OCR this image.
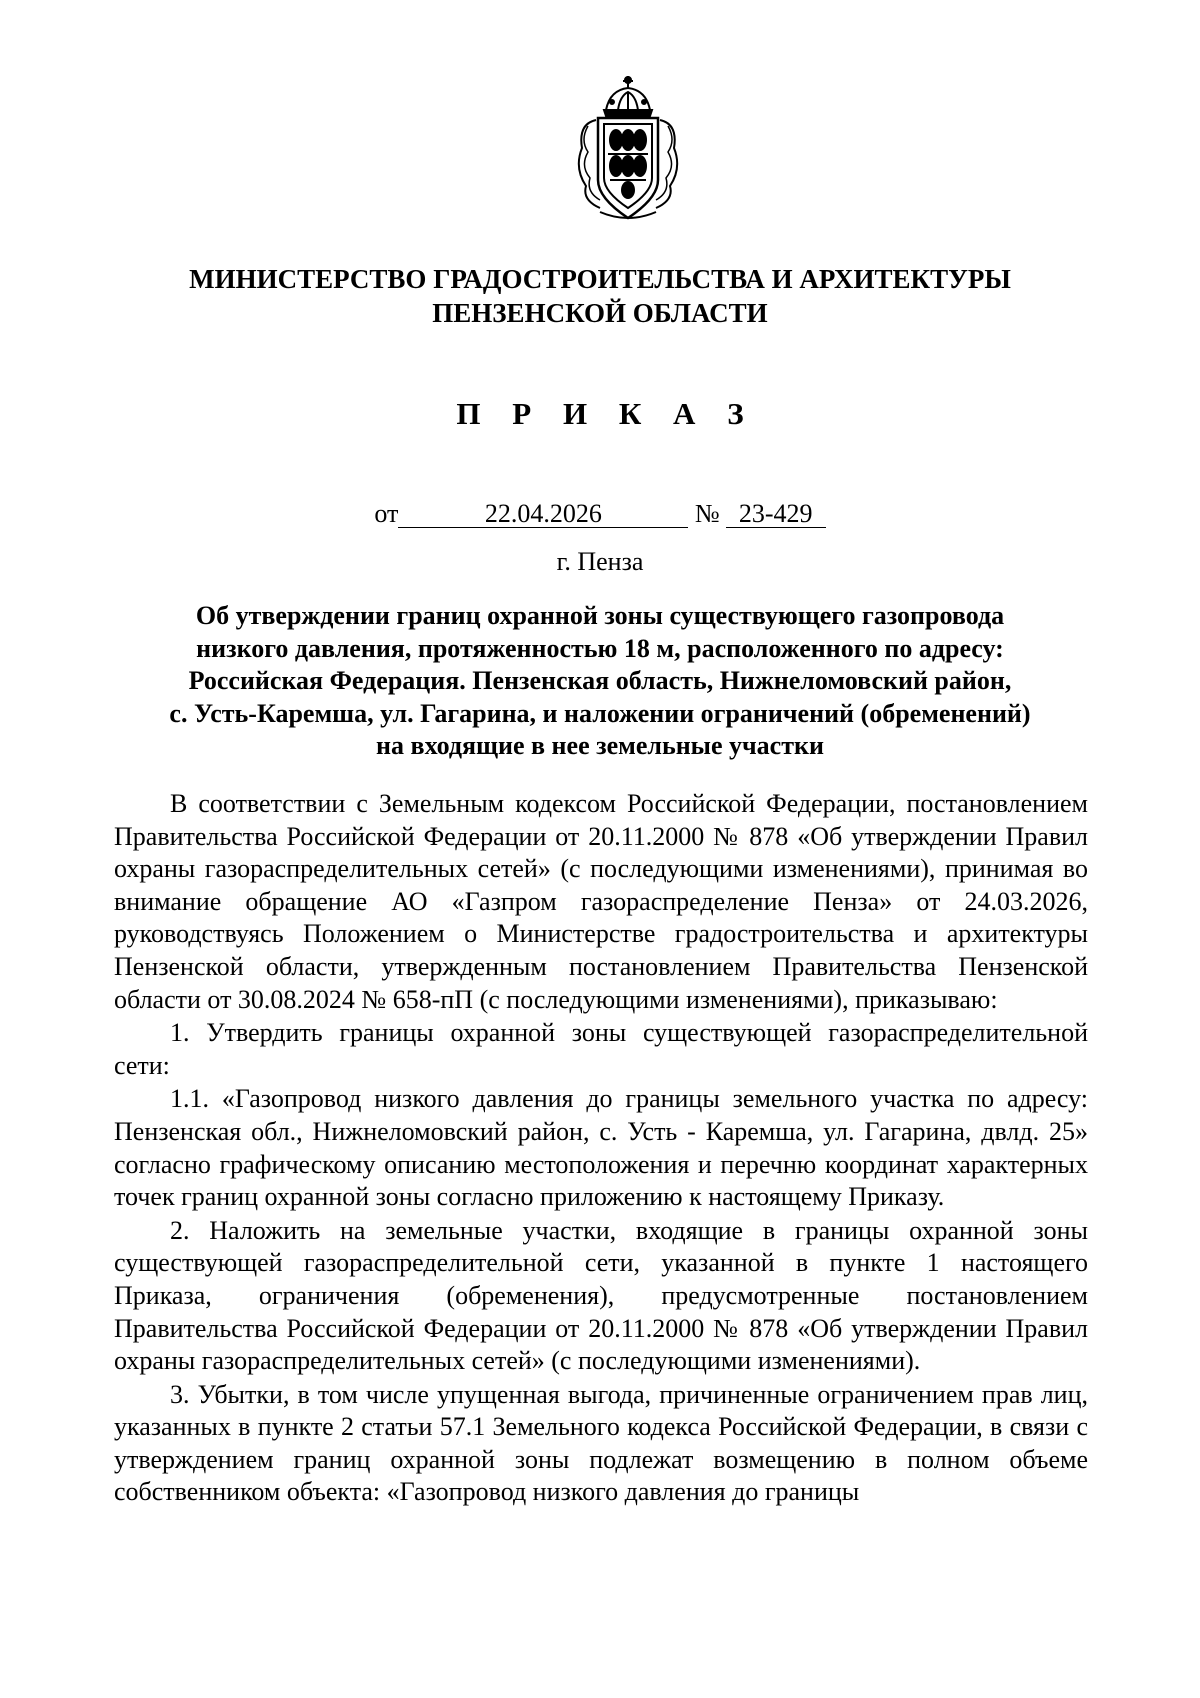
МИНИСТЕРСТВО ГРАДОСТРОИТЕЛЬСТВА И АРХИТЕКТУРЫ
ПЕНЗЕНСКОЙ ОБЛАСТИ
П Р И К А З
от	22.04.2026	№ 23-429
г. Пенза
Об утверждении границ охранной зоны существующего газопровода
низкого давления, протяженностью 18 м, расположенного по адресу:
Российская Федерация. Пензенская область, Нижнеломовский район,
с. Усть-Каремша, ул. Гагарина, и наложении ограничений (обременений)
на входящие в нее земельные участки

В соответствии с Земельным кодексом Российской Федерации, постановлением Правительства Российской Федерации от 20.11.2000 № 878 «Об утверждении Правил охраны газораспределительных сетей» (с последующими изменениями), принимая во внимание обращение АО «Газпром газораспределение Пенза» от 24.03.2026, руководствуясь Положением о Министерстве градостроительства и архитектуры Пензенской области, утвержденным постановлением Правительства Пензенской области от 30.08.2024 № 658-пП (с последующими изменениями), приказываю:

1. Утвердить границы охранной зоны существующей газораспределительной сети:

1.1. «Газопровод низкого давления до границы земельного участка по адресу: Пензенская обл., Нижнеломовский район, с. Усть - Каремша, ул. Гагарина, двлд. 25» согласно графическому описанию местоположения и перечню координат характерных точек границ охранной зоны согласно приложению к настоящему Приказу.

2. Наложить на земельные участки, входящие в границы охранной зоны существующей газораспределительной сети, указанной в пункте 1 настоящего Приказа, ограничения (обременения), предусмотренные постановлением Правительства Российской Федерации от 20.11.2000 № 878 «Об утверждении Правил охраны газораспределительных сетей» (с последующими изменениями).

3. Убытки, в том числе упущенная выгода, причиненные ограничением прав лиц, указанных в пункте 2 статьи 57.1 Земельного кодекса Российской Федерации, в связи с утверждением границ охранной зоны подлежат возмещению в полном объеме собственником объекта: «Газопровод низкого давления до границы
